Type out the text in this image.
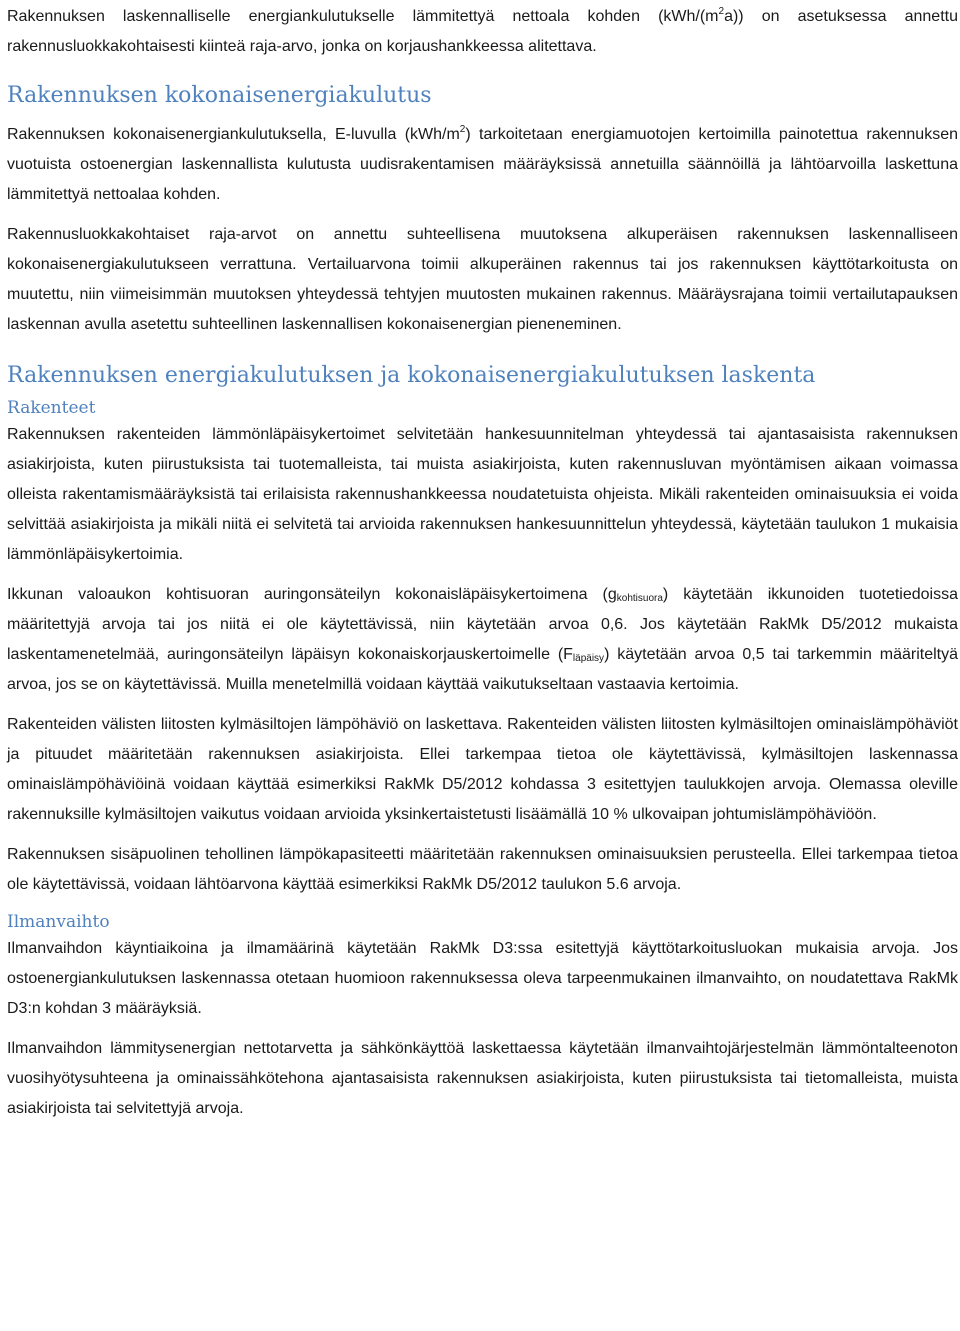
Rakennuksen laskennalliselle energiankulutukselle lämmitettyä nettoala kohden $(kWh/(m^2a))$ on asetuksessa annettu rakennusluokkakohtaisesti kiinteä raja-arvo, jonka on korjaushankkeessa alitettava.

Rakennuksen kokonaisenergiakulutus

Rakennuksen kokonaisenergiankulutuksella, E-luvulla $(kWh/m^2)$ tarkoitetaan energiamuotojen kertoimilla painotettua rakennuksen vuotuista ostoenergian laskennallista kulutusta uudisrakentamisen määräyksissä annetuilla säännöillä ja lähtöarvoilla laskettuna lämmitettyä nettoalaa kohden.

Rakennusluokkakohtaiset raja-arvot on annettu suhteellisena muutoksena alkuperäisen rakennuksen laskennalliseen kokonaisenergiakulutukseen verrattuna. Vertailuarvona toimii alkuperäinen rakennus tai jos rakennuksen käyttötarkoitusta on muutettu, niin viimeisimmän muutoksen yhteydessä tehtyjen muutosten mukainen rakennus. Määräysrajana toimii vertailutapauksen laskennan avulla asetettu suhteellinen laskennallisen kokonaisenergian pieneneminen.

Rakennuksen energiakulutuksen ja kokonaisenergiakulutuksen laskenta
Rakenteet

Rakennuksen rakenteiden lämmönläpäisykertoimet selvitetään hankesuunnitelman yhteydessä tai ajantasaisista rakennuksen asiakirjoista, kuten piirustuksista tai tuotemalleista, tai muista asiakirjoista, kuten rakennusluvan myöntämisen aikaan voimassa olleista rakentamismääräyksistä tai erilaisista rakennushankkeessa noudatetuista ohjeista. Mikäli rakenteiden ominaisuuksia ei voida selvittää asiakirjoista ja mikäli niitä ei selvitetä tai arvioida rakennuksen hankesuunnittelun yhteydessä, käytetään taulukon 1 mukaisia lämmönläpäisykertoimia.

Ikkunan valoaukon kohtisuoran auringonsäteilyn kokonaisläpäisykertoimena $(g_{kohtisuora})$ käytetään ikkunoiden tuotetiedoissa määritettyjä arvoja tai jos niitä ei ole käytettävissä, niin käytetään arvoa 0,6. Jos käytetään RakMk D5/2012 mukaista laskentamenetelmää, auringonsäteilyn läpäisyn kokonaiskorjauskertoimelle $(F_{läpäisy})$ käytetään arvoa 0,5 tai tarkemmin määriteltyä arvoa, jos se on käytettävissä. Muilla menetelmillä voidaan käyttää vaikutukseltaan vastaavia kertoimia.

Rakenteiden välisten liitosten kylmäsiltojen lämpöhäviö on laskettava. Rakenteiden välisten liitosten kylmäsiltojen ominaislämpöhäviöt ja pituudet määritetään rakennuksen asiakirjoista. Ellei tarkempaa tietoa ole käytettävissä, kylmäsiltojen laskennassa ominaislämpöhäviöinä voidaan käyttää esimerkiksi RakMk D5/2012 kohdassa 3 esitettyjen taulukkojen arvoja. Olemassa oleville rakennuksille kylmäsiltojen vaikutus voidaan arvioida yksinkertaistetusti lisäämällä 10 % ulkovaipan johtumislämpöhäviöön.

Rakennuksen sisäpuolinen tehollinen lämpökapasiteetti määritetään rakennuksen ominaisuuksien perusteella. Ellei tarkempaa tietoa ole käytettävissä, voidaan lähtöarvona käyttää esimerkiksi RakMk D5/2012 taulukon 5.6 arvoja.

Ilmanvaihto

Ilmanvaihdon käyntiaikoina ja ilmamäärinä käytetään RakMk D3:ssa esitettyjä käyttötarkoitusluokan mukaisia arvoja. Jos ostoenergiankulutuksen laskennassa otetaan huomioon rakennuksessa oleva tarpeenmukainen ilmanvaihto, on noudatettava RakMk D3:n kohdan 3 määräyksiä.

Ilmanvaihdon lämmitysenergian nettotarvetta ja sähkönkäyttöä laskettaessa käytetään ilmanvaihtojärjestelmän lämmöntalteenoton vuosihyötysuhteena ja ominaissähkötehona ajantasaisista rakennuksen asiakirjoista, kuten piirustuksista tai tietomalleista, muista asiakirjoista tai selvitettyjä arvoja.
